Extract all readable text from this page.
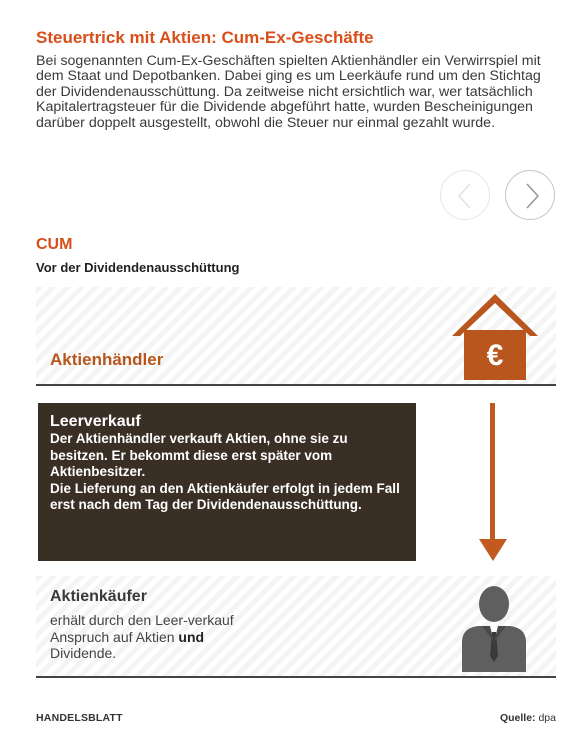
Steuertrick mit Aktien: Cum-Ex-Geschäfte
Bei sogenannten Cum-Ex-Geschäften spielten Aktienhändler ein Verwirrspiel mit dem Staat und Depotbanken. Dabei ging es um Leerkäufe rund um den Stichtag der Dividendenausschüttung. Da zeitweise nicht ersichtlich war, wer tatsächlich Kapitalertragsteuer für die Dividende abgeführt hatte, wurden Bescheinigungen darüber doppelt ausgestellt, obwohl die Steuer nur einmal gezahlt wurde.
CUM
Vor der Dividendenausschüttung
Aktienhändler	€
Leerverkauf
Der Aktienhändler verkauft Aktien, ohne sie zu besitzen. Er bekommt diese erst später vom Aktienbesitzer.
Die Lieferung an den Aktienkäufer erfolgt in jedem Fall erst nach dem Tag der Dividendenausschüttung.
Aktienkäufer
erhält durch den Leer-verkauf Anspruch auf Aktien und Dividende.
HANDELSBLATT	Quelle: dpa
